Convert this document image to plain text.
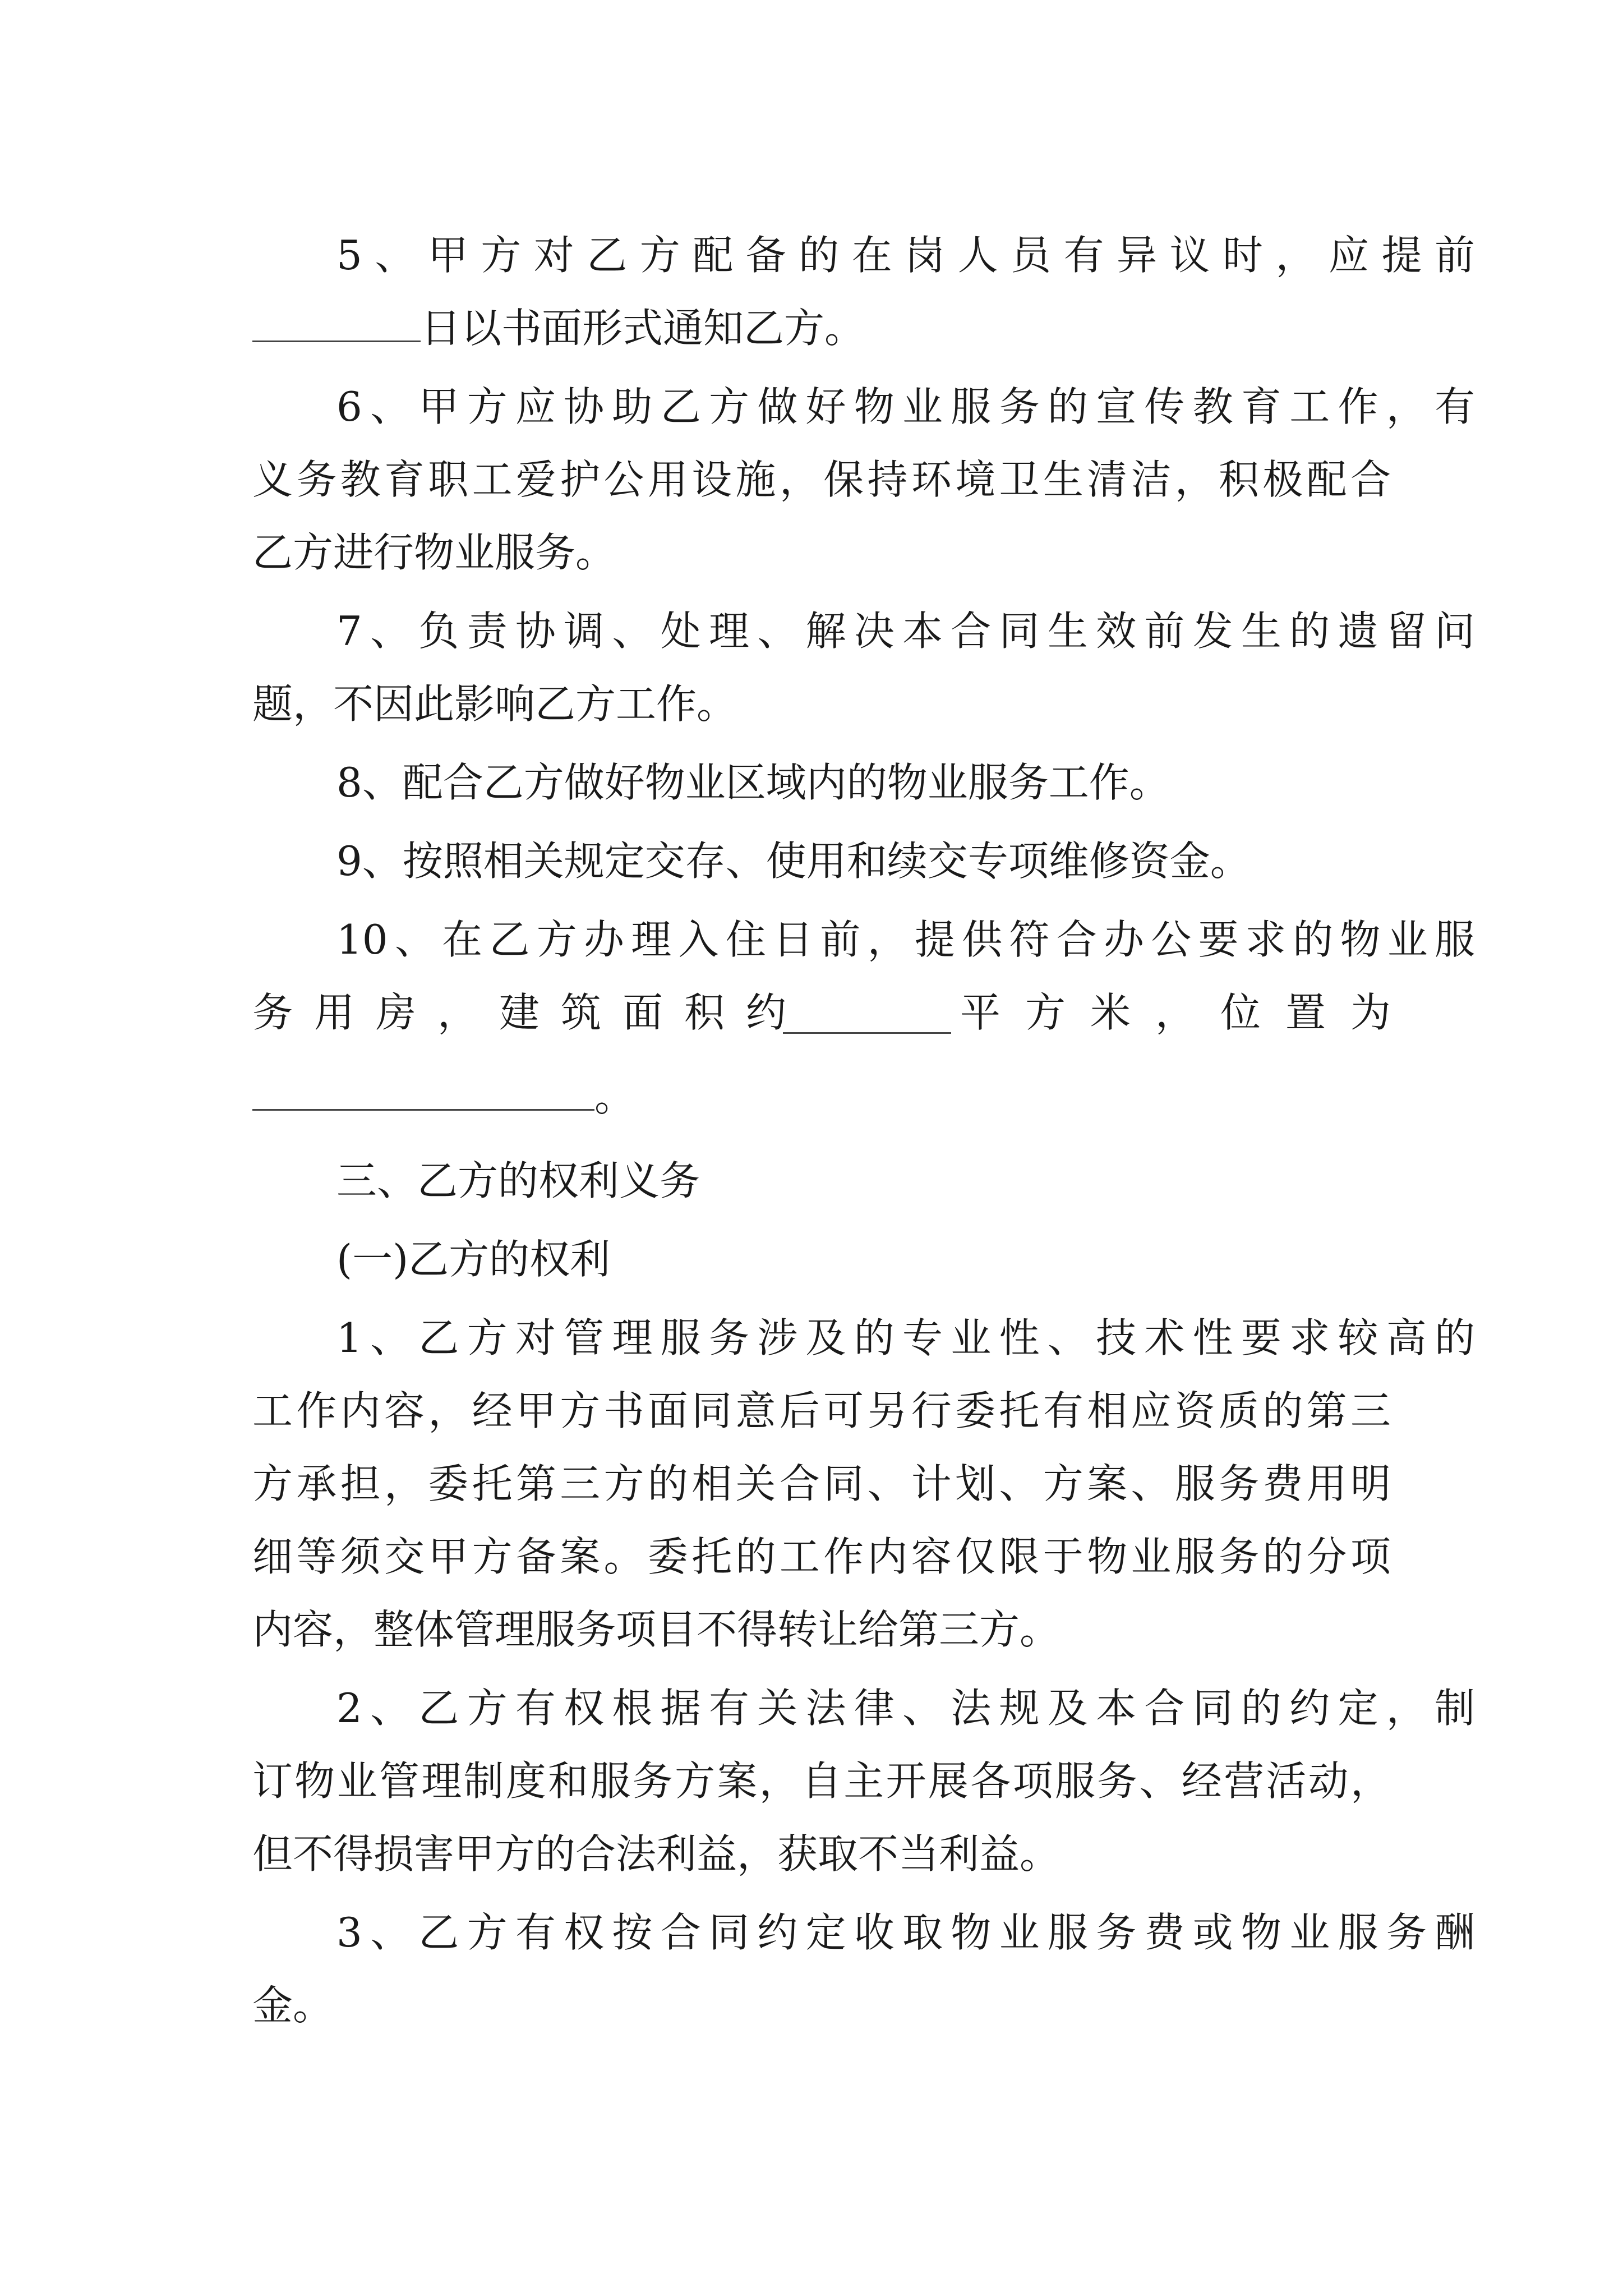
5、甲方对乙方配备的在岗人员有异议时，应提前
日以书面形式通知乙方。
6、甲方应协助乙方做好物业服务的宣传教育工作，有
义务教育职工爱护公用设施，保持环境卫生清洁，积极配合
乙方进行物业服务。
7、负责协调、处理、解决本合同生效前发生的遗留问
题，不因此影响乙方工作。
8、配合乙方做好物业区域内的物业服务工作。
9、按照相关规定交存、使用和续交专项维修资金。
10、在乙方办理入住日前，提供符合办公要求的物业服
务用房，建筑面积约	平方米，位置为
。
三、乙方的权利义务
(一)乙方的权利
1、乙方对管理服务涉及的专业性、技术性要求较高的
工作内容，经甲方书面同意后可另行委托有相应资质的第三
方承担，委托第三方的相关合同、计划、方案、服务费用明
细等须交甲方备案。委托的工作内容仅限于物业服务的分项
内容，整体管理服务项目不得转让给第三方。
2、乙方有权根据有关法律、法规及本合同的约定，制
订物业管理制度和服务方案，自主开展各项服务、经营活动，
但不得损害甲方的合法利益，获取不当利益。
3、乙方有权按合同约定收取物业服务费或物业服务酬
金。
